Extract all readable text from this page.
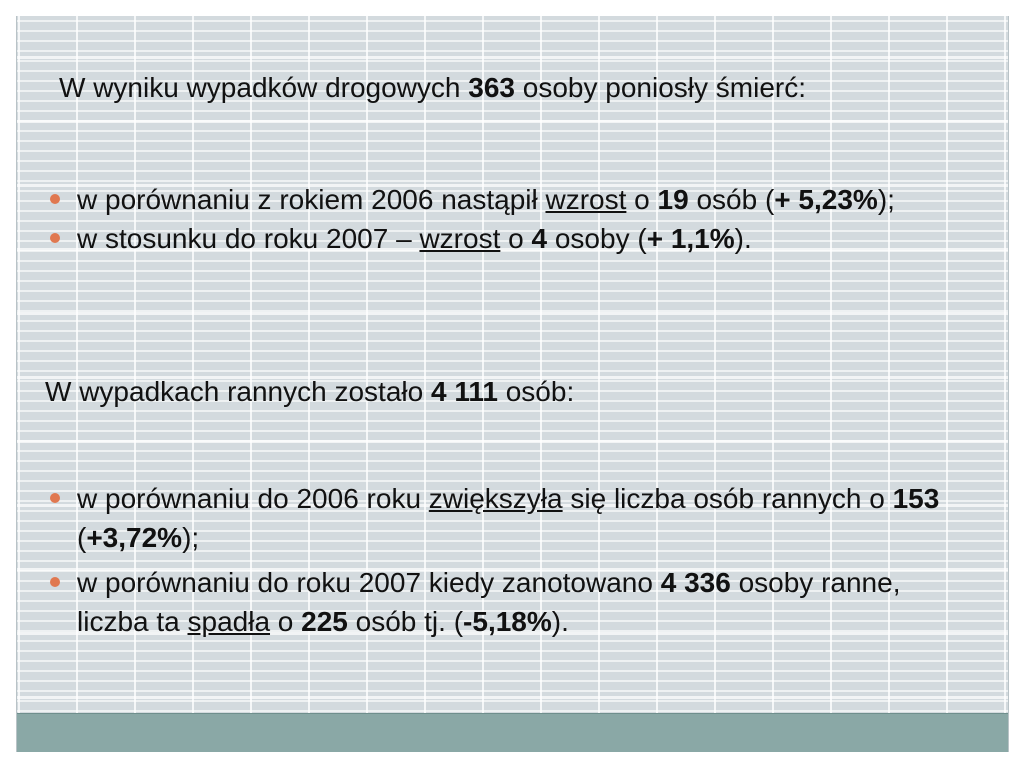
W wyniku wypadków drogowych 363 osoby poniosły śmierć:
w porównaniu z rokiem 2006 nastąpił wzrost o 19 osób (+ 5,23%);
w stosunku do roku 2007 – wzrost o 4 osoby (+ 1,1%).
W wypadkach rannych zostało 4 111 osób:
w porównaniu do 2006 roku zwiększyła się liczba osób rannych o 153 (+3,72%);
w porównaniu do roku 2007 kiedy zanotowano 4 336 osoby ranne, liczba ta spadła o 225 osób tj. (-5,18%).
